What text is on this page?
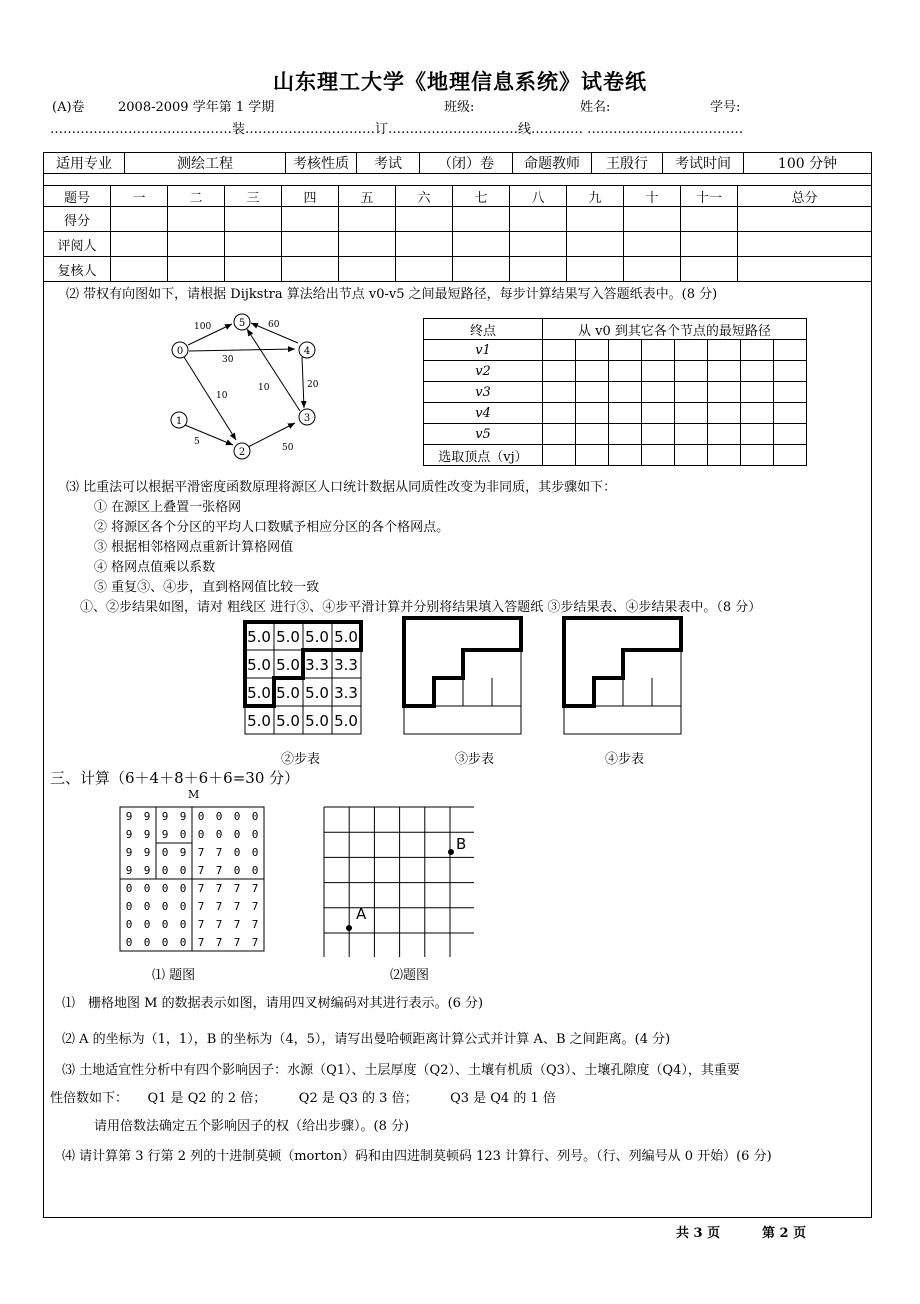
山东理工大学《地理信息系统》试卷纸
(A)卷	2008-2009 学年第 1 学期	班级:	姓名:	学号:
……………………………………装…………………………订…………………………线………… ………………………………
适用专业	测绘工程	考核性质	考试	（闭）卷	命题教师	王殷行	考试时间	100 分钟
题号	一	二	三	四	五	六	七	八	九	十	十一	总分
得分												
评阅人												
复核人												
⑵ 带权有向图如下，请根据 Dijkstra 算法给出节点 v0-v5 之间最短路径，每步计算结果写入答题纸表中。(8 分)
0
1
2
3
4
5
100	60
30
10
10	20
5
50
终点	从 v0 到其它各个节点的最短路径							
v1								
v2								
v3								
v4								
v5								
选取顶点（vj）								
⑶ 比重法可以根据平滑密度函数原理将源区人口统计数据从同质性改变为非同质，其步骤如下：
① 在源区上叠置一张格网
② 将源区各个分区的平均人口数赋予相应分区的各个格网点。
③ 根据相邻格网点重新计算格网值
④ 格网点值乘以系数
⑤ 重复③、④步，直到格网值比较一致
①、②步结果如图，请对 粗线区 进行③、④步平滑计算并分别将结果填入答题纸 ③步结果表、④步结果表中。（8 分）
5.0 5.0 5.0 5.0
5.0 5.0 3.3 3.3
5.0 5.0 5.0 3.3
5.0 5.0 5.0 5.0
②步表	③步表	④步表
三、计算（6＋4＋8＋6＋6=30 分）
M
9 9 9 9 0 0 0 0
9 9 9 0 0 0 0 0
9 9 0 9 7 7 0 0
9 9 0 0 7 7 0 0
0 0 0 0 7 7 7 7
0 0 0 0 7 7 7 7
0 0 0 0 7 7 7 7
0 0 0 0 7 7 7 7
A
B
⑴ 题图	⑵题图
⑴　栅格地图 M 的数据表示如图，请用四叉树编码对其进行表示。(6 分)
⑵ A 的坐标为（1，1），B 的坐标为（4，5），请写出曼哈顿距离计算公式并计算 A、B 之间距离。(4 分)
⑶ 土地适宜性分析中有四个影响因子：水源（Q1）、土层厚度（Q2）、土壤有机质（Q3）、土壤孔隙度（Q4），其重要
性倍数如下：　　Q1 是 Q2 的 2 倍；　　　Q2 是 Q3 的 3 倍；　　　Q3 是 Q4 的 1 倍
请用倍数法确定五个影响因子的权（给出步骤）。(8 分)
⑷ 请计算第 3 行第 2 列的十进制莫顿（morton）码和由四进制莫顿码 123 计算行、列号。（行、列编号从 0 开始）(6 分)
共 3 页	第 2 页
